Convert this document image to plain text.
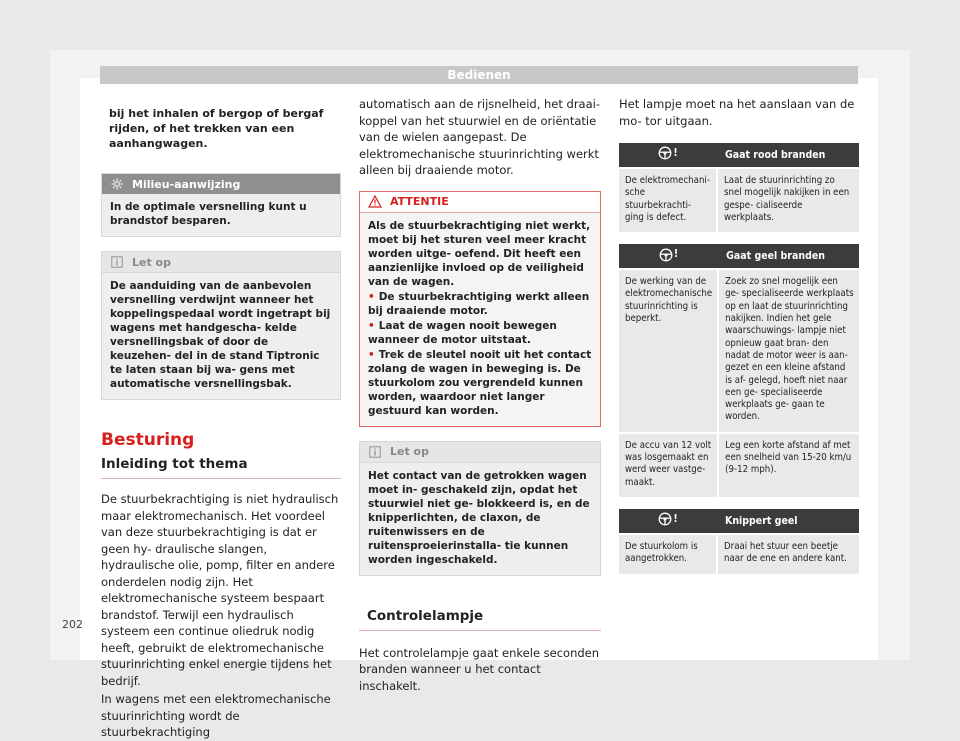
Bedienen
bij het inhalen of bergop of bergaf rijden, of het trekken van een aanhangwagen.
Milieu-aanwijzing
In de optimale versnelling kunt u brandstof besparen.
Let op
De aanduiding van de aanbevolen versnelling verdwijnt wanneer het koppelingspedaal wordt ingetrapt bij wagens met handgescha- kelde versnellingsbak of door de keuzehen- del in de stand Tiptronic te laten staan bij wa- gens met automatische versnellingsbak.
Besturing
Inleiding tot thema

De stuurbekrachtiging is niet hydraulisch maar elektromechanisch. Het voordeel van deze stuurbekrachtiging is dat er geen hy- draulische slangen, hydraulische olie, pomp, filter en andere onderdelen nodig zijn. Het elektromechanische systeem bespaart brandstof. Terwijl een hydraulisch systeem een continue oliedruk nodig heeft, gebruikt de elektromechanische stuurinrichting enkel energie tijdens het bedrijf.

In wagens met een elektromechanische stuurinrichting wordt de stuurbekrachtiging

automatisch aan de rijsnelheid, het draai- koppel van het stuurwiel en de oriëntatie van de wielen aangepast. De elektromechanische stuurinrichting werkt alleen bij draaiende motor.

ATTENTIE
Als de stuurbekrachtiging niet werkt, moet bij het sturen veel meer kracht worden uitge- oefend. Dit heeft een aanzienlijke invloed op de veiligheid van de wagen.
• De stuurbekrachtiging werkt alleen bij draaiende motor.
• Laat de wagen nooit bewegen wanneer de motor uitstaat.
• Trek de sleutel nooit uit het contact zolang de wagen in beweging is. De stuurkolom zou vergrendeld kunnen worden, waardoor niet langer gestuurd kan worden.
Let op
Het contact van de getrokken wagen moet in- geschakeld zijn, opdat het stuurwiel niet ge- blokkeerd is, en de knipperlichten, de claxon, de ruitenwissers en de ruitensproeierinstalla- tie kunnen worden ingeschakeld.
Controlelampje

Het controlelampje gaat enkele seconden branden wanneer u het contact inschakelt.

Het lampje moet na het aanslaan van de mo- tor uitgaan.

!	Gaat rood branden
De elektromechani- sche stuurbekrachti- ging is defect.	Laat de stuurinrichting zo snel mogelijk nakijken in een gespe- cialiseerde werkplaats.
!	Gaat geel branden
De werking van de elektromechanische stuurinrichting is beperkt.	Zoek zo snel mogelijk een ge- specialiseerde werkplaats op en laat de stuurinrichting nakijken. Indien het gele waarschuwings- lampje niet opnieuw gaat bran- den nadat de motor weer is aan- gezet en een kleine afstand is af- gelegd, hoeft niet naar een ge- specialiseerde werkplaats ge- gaan te worden.
De accu van 12 volt was losgemaakt en werd weer vastge- maakt.	Leg een korte afstand af met een snelheid van 15-20 km/u (9-12 mph).
!	Knippert geel
De stuurkolom is aangetrokken.	Draai het stuur een beetje naar de ene en andere kant.
202
